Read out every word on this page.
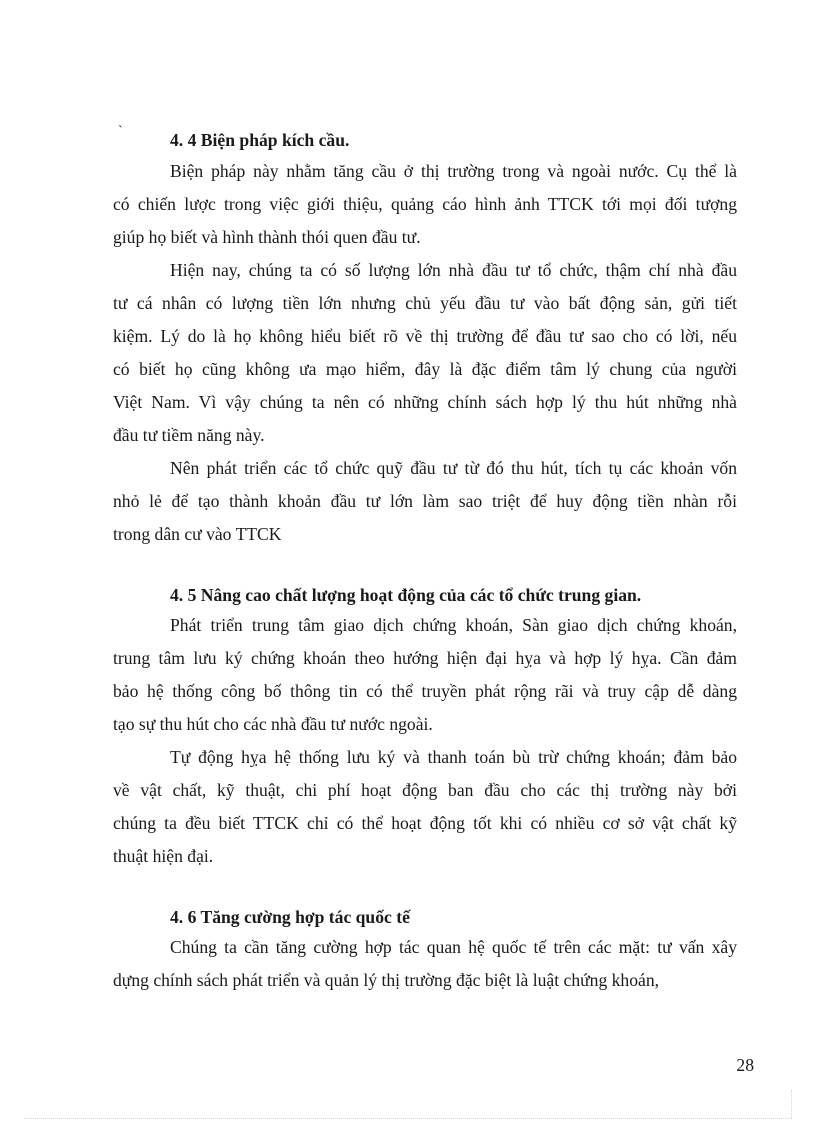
`	4. 4 Biện pháp kích cầu.
Biện pháp này nhằm tăng cầu ở thị trường trong và ngoài nước. Cụ thể là
có chiến lược trong việc giới thiệu, quảng cáo hình ảnh TTCK tới mọi đối tượng
giúp họ biết và hình thành thói quen đầu tư.
Hiện nay, chúng ta có số lượng lớn nhà đầu tư tổ chức, thậm chí nhà đầu
tư cá nhân có lượng tiền lớn nhưng chủ yếu đầu tư vào bất động sản, gửi tiết
kiệm. Lý do là họ không hiểu biết rõ về thị trường để đầu tư sao cho có lời, nếu
có biết họ cũng không ưa mạo hiểm, đây là đặc điểm tâm lý chung của người
Việt Nam. Vì vậy chúng ta nên có những chính sách hợp lý thu hút những nhà
đầu tư tiềm năng này.
Nên phát triển các tổ chức quỹ đầu tư từ đó thu hút, tích tụ các khoản vốn
nhỏ lẻ để tạo thành khoản đầu tư lớn làm sao triệt để huy động tiền nhàn rỗi
trong dân cư vào TTCK
4. 5 Nâng cao chất lượng hoạt động của các tổ chức trung gian.
Phát triển trung tâm giao dịch chứng khoán, Sàn giao dịch chứng khoán,
trung tâm lưu ký chứng khoán theo hướng hiện đại hỵa và hợp lý hỵa. Cần đảm
bảo hệ thống công bố thông tin có thể truyền phát rộng rãi và truy cập dễ dàng
tạo sự thu hút cho các nhà đầu tư nước ngoài.
Tự động hỵa hệ thống lưu ký và thanh toán bù trừ chứng khoán; đảm bảo
về vật chất, kỹ thuật, chi phí hoạt động ban đầu cho các thị trường này bởi
chúng ta đều biết TTCK chỉ có thể hoạt động tốt khi có nhiều cơ sở vật chất kỹ
thuật hiện đại.
4. 6 Tăng cường hợp tác quốc tế
Chúng ta cần tăng cường hợp tác quan hệ quốc tế trên các mặt: tư vấn xây
dựng chính sách phát triển và quản lý thị trường đặc biệt là luật chứng khoán,
28
